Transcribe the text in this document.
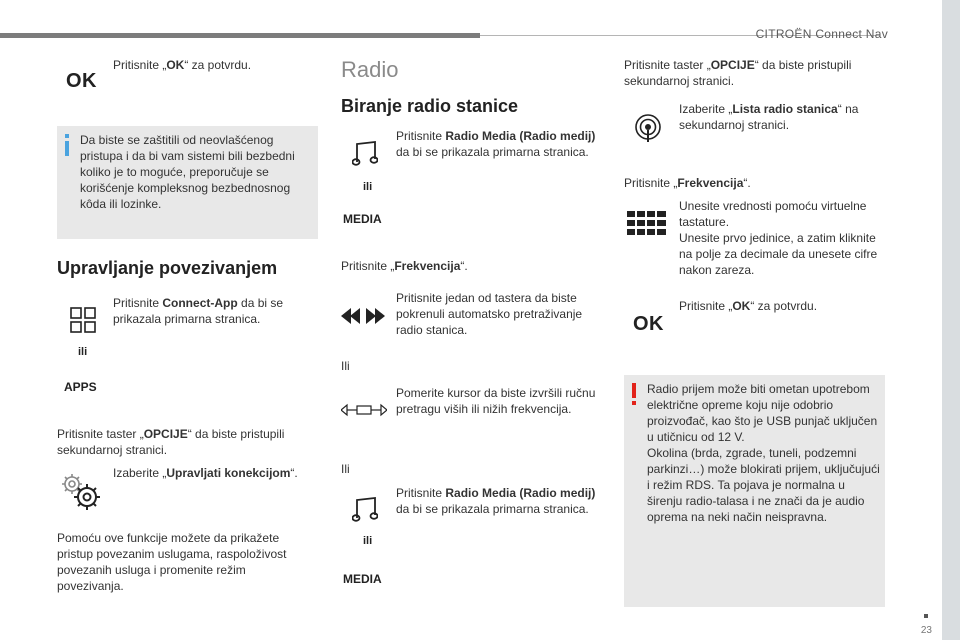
CITROËN Connect Nav
OK
Pritisnite „OK“ za potvrdu.
Da biste se zaštitili od neovlašćenog pristupa i da bi vam sistemi bili bezbedni koliko je to moguće, preporučuje se korišćenje kompleksnog bezbednosnog kôda ili lozinke.
Upravljanje povezivanjem
Pritisnite Connect-App da bi se prikazala primarna stranica.
ili
APPS
Pritisnite taster „OPCIJE“ da biste pristupili sekundarnoj stranici.
Izaberite „Upravljati konekcijom“.
Pomoću ove funkcije možete da prikažete pristup povezanim uslugama, raspoloživost povezanih usluga i promenite režim povezivanja.
Radio
Biranje radio stanice
Pritisnite Radio Media (Radio medij) da bi se prikazala primarna stranica.
ili
MEDIA
Pritisnite „Frekvencija“.
Pritisnite jedan od tastera da biste pokrenuli automatsko pretraživanje radio stanica.
Ili
Pomerite kursor da biste izvršili ručnu pretragu viših ili nižih frekvencija.
Ili
Pritisnite Radio Media (Radio medij) da bi se prikazala primarna stranica.
ili
MEDIA
Pritisnite taster „OPCIJE“ da biste pristupili sekundarnoj stranici.
Izaberite „Lista radio stanica“ na sekundarnoj stranici.
Pritisnite „Frekvencija“.
Unesite vrednosti pomoću virtuelne tastature.
Unesite prvo jedinice, a zatim kliknite na polje za decimale da unesete cifre nakon zareza.
OK
Pritisnite „OK“ za potvrdu.
Radio prijem može biti ometan upotrebom električne opreme koju nije odobrio proizvođač, kao što je USB punjač uključen u utičnicu od 12 V.
Okolina (brda, zgrade, tuneli, podzemni parkinzi…) može blokirati prijem, uključujući i režim RDS. Ta pojava je normalna u širenju radio-talasa i ne znači da je audio oprema na neki način neispravna.
23
